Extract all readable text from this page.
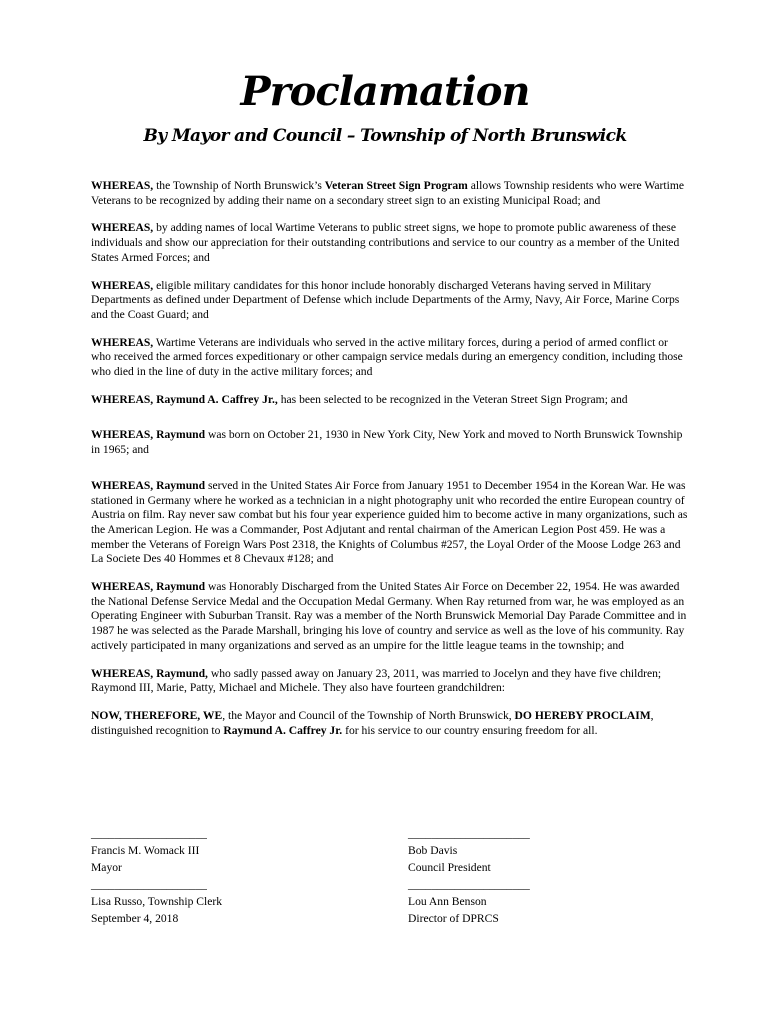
Proclamation
By Mayor and Council – Township of North Brunswick

WHEREAS, the Township of North Brunswick’s Veteran Street Sign Program allows Township residents who were Wartime Veterans to be recognized by adding their name on a secondary street sign to an existing Municipal Road; and

WHEREAS, by adding names of local Wartime Veterans to public street signs, we hope to promote public awareness of these individuals and show our appreciation for their outstanding contributions and service to our country as a member of the United States Armed Forces; and

WHEREAS, eligible military candidates for this honor include honorably discharged Veterans having served in Military Departments as defined under Department of Defense which include Departments of the Army, Navy, Air Force, Marine Corps and the Coast Guard; and

WHEREAS, Wartime Veterans are individuals who served in the active military forces, during a period of armed conflict or who received the armed forces expeditionary or other campaign service medals during an emergency condition, including those who died in the line of duty in the active military forces; and

WHEREAS, Raymund A. Caffrey Jr., has been selected to be recognized in the Veteran Street Sign Program; and

WHEREAS, Raymund was born on October 21, 1930 in New York City, New York and moved to North Brunswick Township in 1965; and

WHEREAS, Raymund served in the United States Air Force from January 1951 to December 1954 in the Korean War. He was stationed in Germany where he worked as a technician in a night photography unit who recorded the entire European country of Austria on film. Ray never saw combat but his four year experience guided him to become active in many organizations, such as the American Legion. He was a Commander, Post Adjutant and rental chairman of the American Legion Post 459. He was a member the Veterans of Foreign Wars Post 2318, the Knights of Columbus #257, the Loyal Order of the Moose Lodge 263 and La Societe Des 40 Hommes et 8 Chevaux #128; and

WHEREAS, Raymund was Honorably Discharged from the United States Air Force on December 22, 1954. He was awarded the National Defense Service Medal and the Occupation Medal Germany. When Ray returned from war, he was employed as an Operating Engineer with Suburban Transit. Ray was a member of the North Brunswick Memorial Day Parade Committee and in 1987 he was selected as the Parade Marshall, bringing his love of country and service as well as the love of his community. Ray actively participated in many organizations and served as an umpire for the little league teams in the township; and

WHEREAS, Raymund, who sadly passed away on January 23, 2011, was married to Jocelyn and they have five children; Raymond III, Marie, Patty, Michael and Michele. They also have fourteen grandchildren:

NOW, THEREFORE, WE, the Mayor and Council of the Township of North Brunswick, DO HEREBY PROCLAIM, distinguished recognition to Raymund A. Caffrey Jr. for his service to our country ensuring freedom for all.

____________________
Francis M. Womack III
Mayor
____________________
Lisa Russo, Township Clerk
September 4, 2018
_____________________
Bob Davis
Council President
_____________________
Lou Ann Benson
Director of DPRCS
